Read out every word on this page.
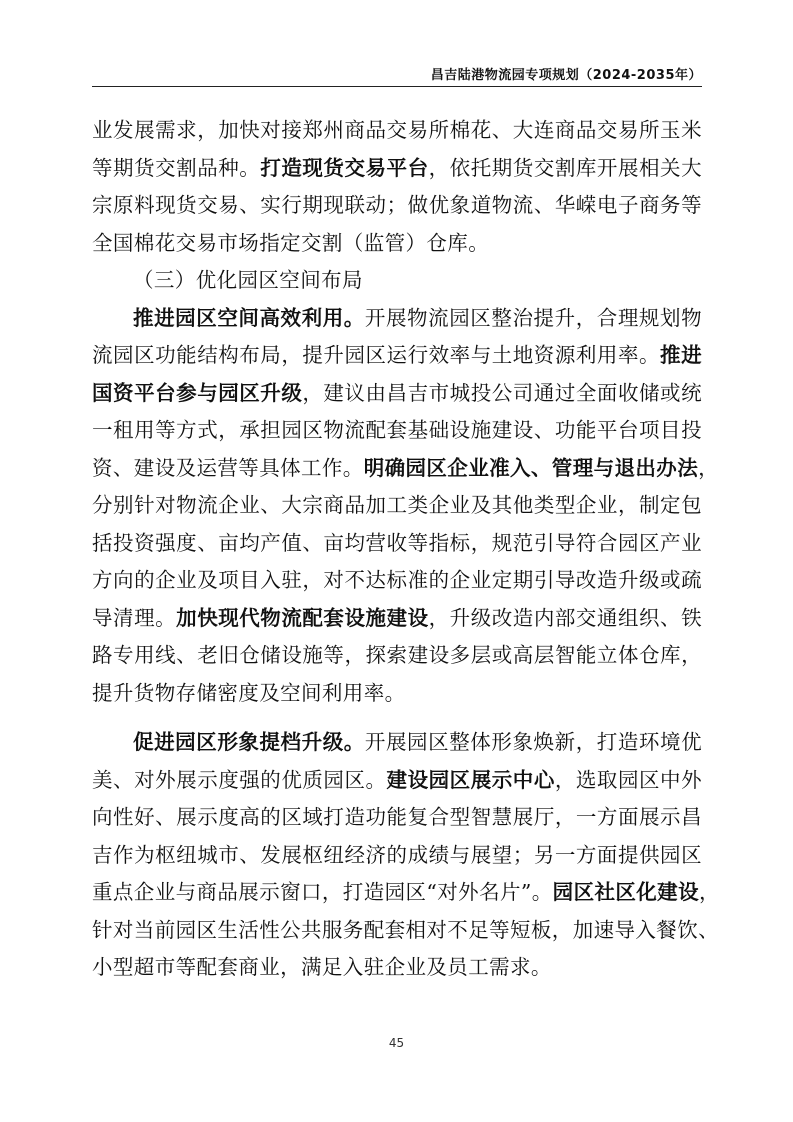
昌吉陆港物流园专项规划（2024-2035年）
业发展需求，加快对接郑州商品交易所棉花、大连商品交易所玉米
等期货交割品种。打造现货交易平台，依托期货交割库开展相关大
宗原料现货交易、实行期现联动；做优象道物流、华嵘电子商务等
全国棉花交易市场指定交割（监管）仓库。
（三）优化园区空间布局
推进园区空间高效利用。开展物流园区整治提升，合理规划物
流园区功能结构布局，提升园区运行效率与土地资源利用率。推进
国资平台参与园区升级，建议由昌吉市城投公司通过全面收储或统
一租用等方式，承担园区物流配套基础设施建设、功能平台项目投
资、建设及运营等具体工作。明确园区企业准入、管理与退出办法，
分别针对物流企业、大宗商品加工类企业及其他类型企业，制定包
括投资强度、亩均产值、亩均营收等指标，规范引导符合园区产业
方向的企业及项目入驻，对不达标准的企业定期引导改造升级或疏
导清理。加快现代物流配套设施建设，升级改造内部交通组织、铁
路专用线、老旧仓储设施等，探索建设多层或高层智能立体仓库，
提升货物存储密度及空间利用率。
促进园区形象提档升级。开展园区整体形象焕新，打造环境优
美、对外展示度强的优质园区。建设园区展示中心，选取园区中外
向性好、展示度高的区域打造功能复合型智慧展厅，一方面展示昌
吉作为枢纽城市、发展枢纽经济的成绩与展望；另一方面提供园区
重点企业与商品展示窗口，打造园区“对外名片”。园区社区化建设，
针对当前园区生活性公共服务配套相对不足等短板，加速导入餐饮、
小型超市等配套商业，满足入驻企业及员工需求。
45
